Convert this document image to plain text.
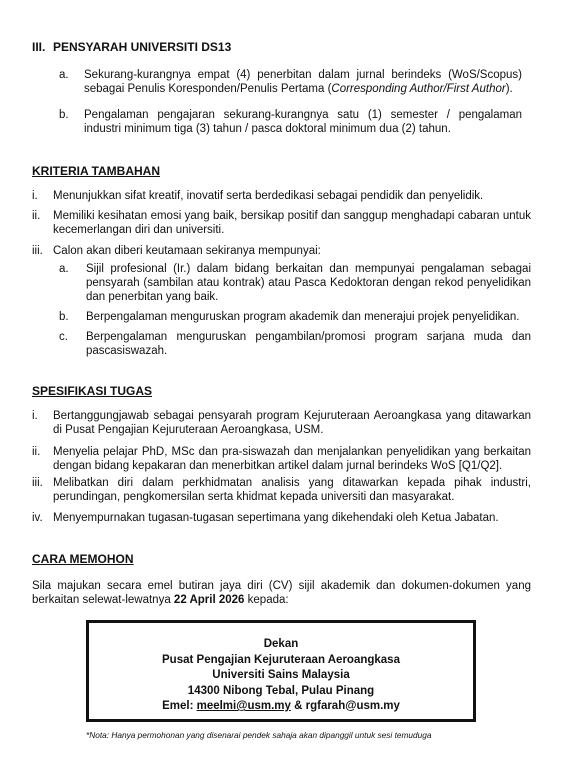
III. PENSYARAH UNIVERSITI DS13
a.	Sekurang-kurangnya empat (4) penerbitan dalam jurnal berindeks (WoS/Scopus) sebagai Penulis Koresponden/Penulis Pertama (Corresponding Author/First Author).
b.	Pengalaman pengajaran sekurang-kurangnya satu (1) semester / pengalaman industri minimum tiga (3) tahun / pasca doktoral minimum dua (2) tahun.
KRITERIA TAMBAHAN
i.	Menunjukkan sifat kreatif, inovatif serta berdedikasi sebagai pendidik dan penyelidik.
ii.	Memiliki kesihatan emosi yang baik, bersikap positif dan sanggup menghadapi cabaran untuk kecemerlangan diri dan universiti.
iii. Calon akan diberi keutamaan sekiranya mempunyai:
a.	Sijil profesional (Ir.) dalam bidang berkaitan dan mempunyai pengalaman sebagai pensyarah (sambilan atau kontrak) atau Pasca Kedoktoran dengan rekod penyelidikan dan penerbitan yang baik.
b.	Berpengalaman menguruskan program akademik dan menerajui projek penyelidikan.
c.	Berpengalaman menguruskan pengambilan/promosi program sarjana muda dan pascasiswazah.
SPESIFIKASI TUGAS
i.	Bertanggungjawab sebagai pensyarah program Kejuruteraan Aeroangkasa yang ditawarkan di Pusat Pengajian Kejuruteraan Aeroangkasa, USM.
ii.	Menyelia pelajar PhD, MSc dan pra-siswazah dan menjalankan penyelidikan yang berkaitan dengan bidang kepakaran dan menerbitkan artikel dalam jurnal berindeks WoS [Q1/Q2].
iii. Melibatkan diri dalam perkhidmatan analisis yang ditawarkan kepada pihak industri, perundingan, pengkomersilan serta khidmat kepada universiti dan masyarakat.
iv. Menyempurnakan tugasan-tugasan sepertimana yang dikehendaki oleh Ketua Jabatan.
CARA MEMOHON
Sila majukan secara emel butiran jaya diri (CV) sijil akademik dan dokumen-dokumen yang berkaitan selewat-lewatnya 22 April 2026 kepada:
Dekan
Pusat Pengajian Kejuruteraan Aeroangkasa
Universiti Sains Malaysia
14300 Nibong Tebal, Pulau Pinang
Emel: meelmi@usm.my & rgfarah@usm.my
*Nota: Hanya permohonan yang disenarai pendek sahaja akan dipanggil untuk sesi temuduga
